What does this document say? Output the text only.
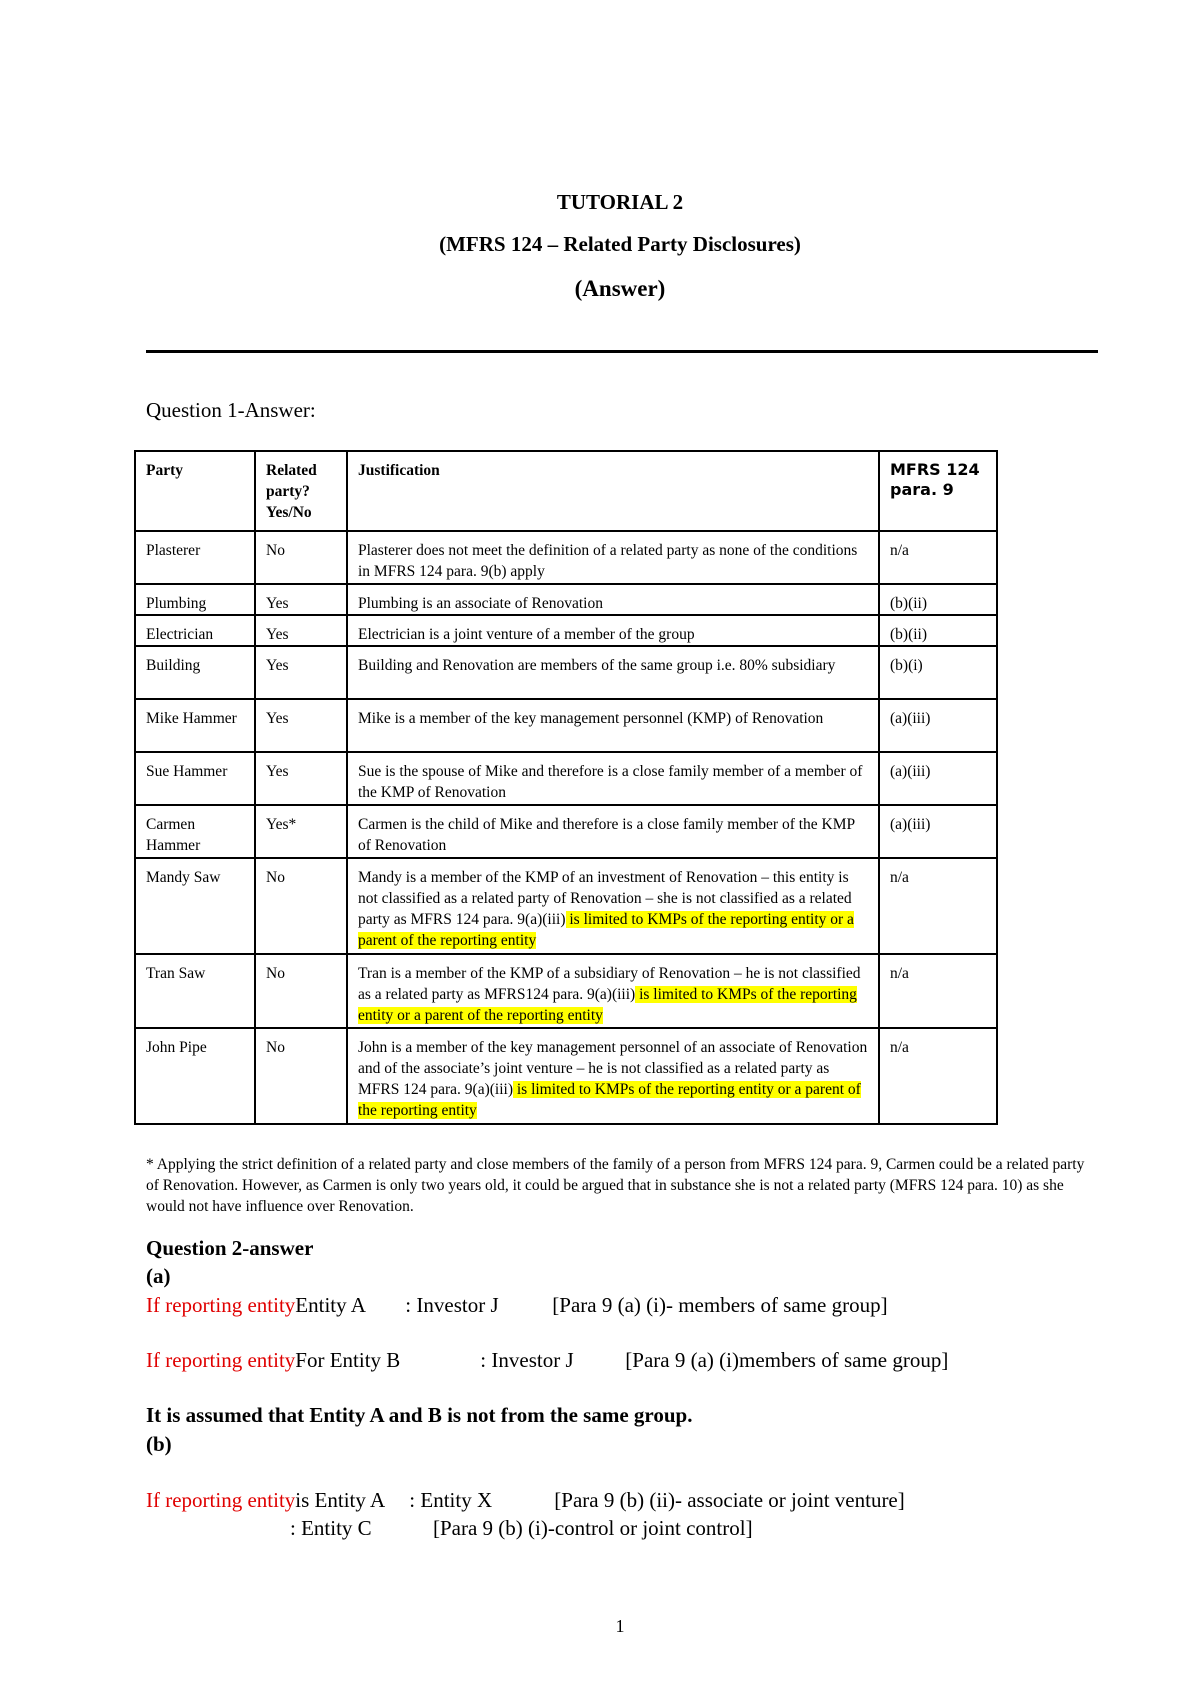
TUTORIAL 2
(MFRS 124 – Related Party Disclosures)
(Answer)
Question 1-Answer:
Party	Related party? Yes/No	Justification	MFRS 124 para. 9
Plasterer	No	Plasterer does not meet the definition of a related party as none of the conditions in MFRS 124 para. 9(b) apply	n/a
Plumbing	Yes	Plumbing is an associate of Renovation	(b)(ii)
Electrician	Yes	Electrician is a joint venture of a member of the group	(b)(ii)
Building	Yes	Building and Renovation are members of the same group i.e. 80% subsidiary	(b)(i)
Mike Hammer	Yes	Mike is a member of the key management personnel (KMP) of Renovation	(a)(iii)
Sue Hammer	Yes	Sue is the spouse of Mike and therefore is a close family member of a member of the KMP of Renovation	(a)(iii)
Carmen Hammer	Yes*	Carmen is the child of Mike and therefore is a close family member of the KMP of Renovation	(a)(iii)
Mandy Saw	No	Mandy is a member of the KMP of an investment of Renovation – this entity is not classified as a related party of Renovation – she is not classified as a related party as MFRS 124 para. 9(a)(iii) is limited to KMPs of the reporting entity or a parent of the reporting entity	n/a
Tran Saw	No	Tran is a member of the KMP of a subsidiary of Renovation – he is not classified as a related party as MFRS124 para. 9(a)(iii) is limited to KMPs of the reporting entity or a parent of the reporting entity	n/a
John Pipe	No	John is a member of the key management personnel of an associate of Renovation and of the associate’s joint venture – he is not classified as a related party as MFRS 124 para. 9(a)(iii) is limited to KMPs of the reporting entity or a parent of the reporting entity	n/a
* Applying the strict definition of a related party and close members of the family of a person from MFRS 124 para. 9, Carmen could be a related party of Renovation. However, as Carmen is only two years old, it could be argued that in substance she is not a related party (MFRS 124 para. 10) as she would not have influence over Renovation.
Question 2-answer
(a)
If reporting entityEntity A : Investor J	[Para 9 (a) (i)- members of same group]
If reporting entityFor Entity B	: Investor J [Para 9 (a) (i)members of same group]
It is assumed that Entity A and B is not from the same group.
(b)
If reporting entityis Entity A : Entity X	[Para 9 (b) (ii)- associate or joint venture]
: Entity C	[Para 9 (b) (i)-control or joint control]
1
